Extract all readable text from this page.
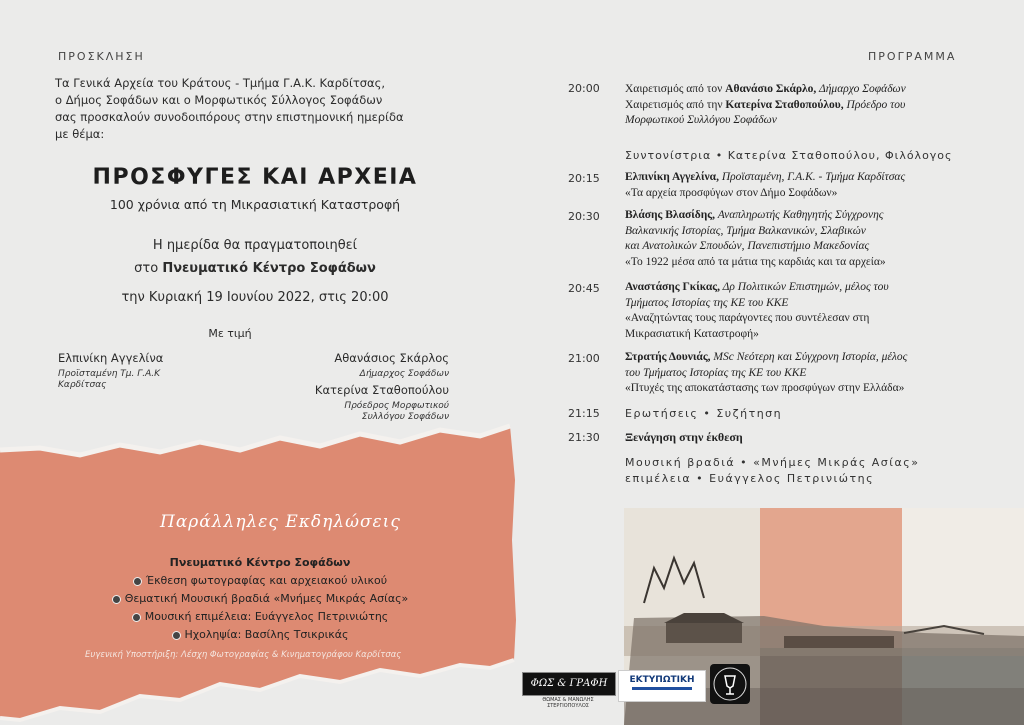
ΠΡΟΣΚΛΗΣΗ
Τα Γενικά Αρχεία του Κράτους - Τμήμα Γ.Α.Κ. Καρδίτσας,
ο Δήμος Σοφάδων και ο Μορφωτικός Σύλλογος Σοφάδων
σας προσκαλούν συνοδοιπόρους στην επιστημονική ημερίδα
με θέμα:
ΠΡΟΣΦΥΓΕΣ ΚΑΙ ΑΡΧΕΙΑ
100 χρόνια από τη Μικρασιατική Καταστροφή
Η ημερίδα θα πραγματοποιηθεί
στο Πνευματικό Κέντρο Σοφάδων
την Κυριακή 19 Ιουνίου 2022, στις 20:00
Με τιμή
Ελπινίκη Αγγελίνα
Προϊσταμένη Τμ. Γ.Α.Κ
Καρδίτσας
Αθανάσιος Σκάρλος
Δήμαρχος Σοφάδων
Κατερίνα Σταθοπούλου
Πρόεδρος Μορφωτικού
Συλλόγου Σοφάδων
Παράλληλες Εκδηλώσεις
Πνευματικό Κέντρο Σοφάδων
Έκθεση φωτογραφίας και αρχειακού υλικού
Θεματική Μουσική βραδιά «Μνήμες Μικράς Ασίας»
Μουσική επιμέλεια: Ευάγγελος Πετρινιώτης
Ηχοληψία: Βασίλης Τσικρικάς
Ευγενική Υποστήριξη: Λέσχη Φωτογραφίας & Κινηματογράφου Καρδίτσας
ΠΡΟΓΡΑΜΜΑ
20:00 Χαιρετισμός από τον Αθανάσιο Σκάρλο, Δήμαρχο Σοφάδων
Χαιρετισμός από την Κατερίνα Σταθοπούλου, Πρόεδρο του
Μορφωτικού Συλλόγου Σοφάδων
Συντονίστρια • Κατερίνα Σταθοπούλου, Φιλόλογος
20:15 Ελπινίκη Αγγελίνα, Προϊσταμένη, Γ.Α.Κ. - Τμήμα Καρδίτσας
«Τα αρχεία προσφύγων στον Δήμο Σοφάδων»
20:30 Βλάσης Βλασίδης, Αναπληρωτής Καθηγητής Σύγχρονης
Βαλκανικής Ιστορίας, Τμήμα Βαλκανικών, Σλαβικών
και Ανατολικών Σπουδών, Πανεπιστήμιο Μακεδονίας
«Το 1922 μέσα από τα μάτια της καρδιάς και τα αρχεία»
20:45 Αναστάσης Γκίκας, Δρ Πολιτικών Επιστημών, μέλος του
Τμήματος Ιστορίας της ΚΕ του ΚΚΕ
«Αναζητώντας τους παράγοντες που συντέλεσαν στη
Μικρασιατική Καταστροφή»
21:00 Στρατής Δουνιάς, MSc Νεότερη και Σύγχρονη Ιστορία, μέλος
του Τμήματος Ιστορίας της ΚΕ του ΚΚΕ
«Πτυχές της αποκατάστασης των προσφύγων στην Ελλάδα»
21:15 Ερωτήσεις • Συζήτηση
21:30 Ξενάγηση στην έκθεση
Μουσική βραδιά • «Μνήμες Μικράς Ασίας»
επιμέλεια • Ευάγγελος Πετρινιώτης
ΦΩΣ & ΓΡΑΦΗ
ΘΩΜΑΣ & ΜΑΝΩΛΗΣ ΣΤΕΡΓΙΟΠΟΥΛΟΣ
ΕΚΤΥΠΩΤΙΚΗ
